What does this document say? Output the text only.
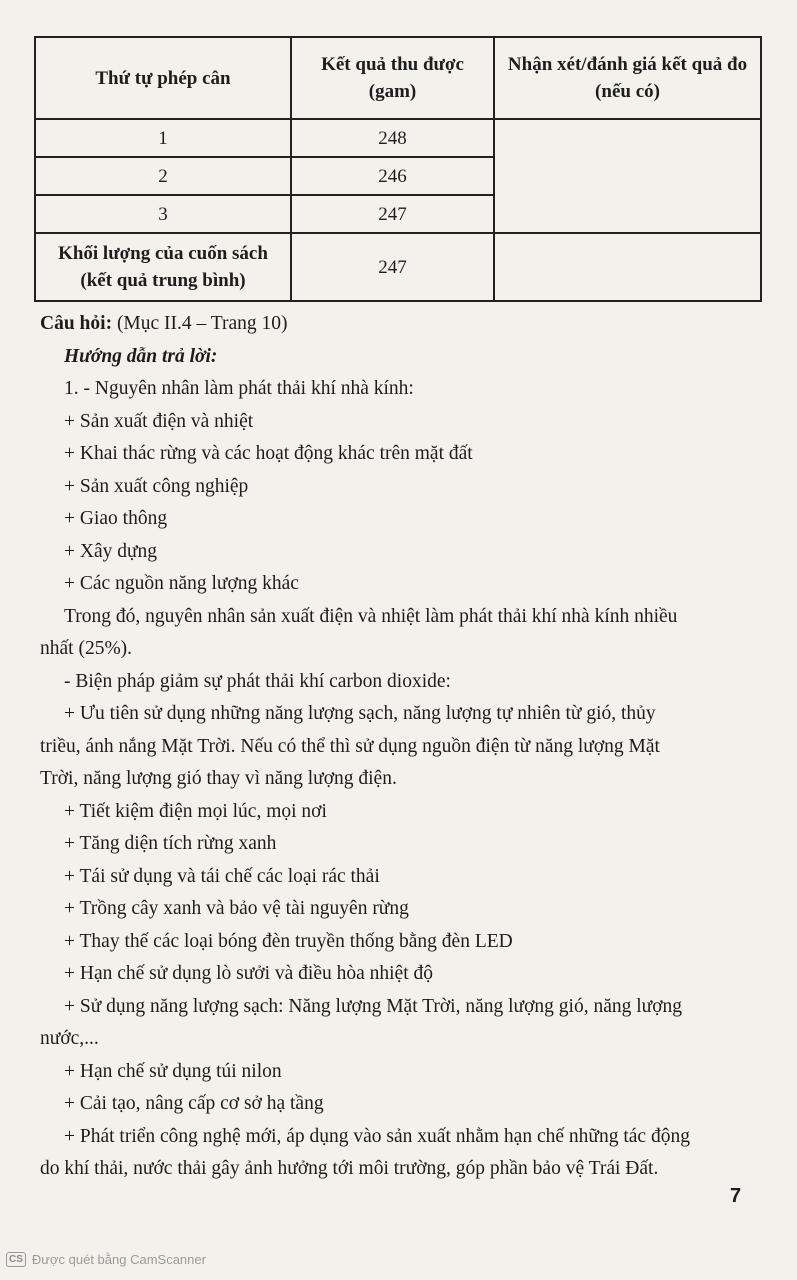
Thứ tự phép cân	Kết quả thu được (gam)	Nhận xét/đánh giá kết quả đo (nếu có)
1	248	
2	246	
3	247	
Khối lượng của cuốn sách (kết quả trung bình)	247	
Câu hỏi: (Mục II.4 – Trang 10)
Hướng dẫn trả lời:
1. - Nguyên nhân làm phát thải khí nhà kính:
+ Sản xuất điện và nhiệt
+ Khai thác rừng và các hoạt động khác trên mặt đất
+ Sản xuất công nghiệp
+ Giao thông
+ Xây dựng
+ Các nguồn năng lượng khác
Trong đó, nguyên nhân sản xuất điện và nhiệt làm phát thải khí nhà kính nhiều
nhất (25%).
- Biện pháp giảm sự phát thải khí carbon dioxide:
+ Ưu tiên sử dụng những năng lượng sạch, năng lượng tự nhiên từ gió, thủy
triều, ánh nắng Mặt Trời. Nếu có thể thì sử dụng nguồn điện từ năng lượng Mặt
Trời, năng lượng gió thay vì năng lượng điện.
+ Tiết kiệm điện mọi lúc, mọi nơi
+ Tăng diện tích rừng xanh
+ Tái sử dụng và tái chế các loại rác thải
+ Trồng cây xanh và bảo vệ tài nguyên rừng
+ Thay thế các loại bóng đèn truyền thống bằng đèn LED
+ Hạn chế sử dụng lò sưởi và điều hòa nhiệt độ
+ Sử dụng năng lượng sạch: Năng lượng Mặt Trời, năng lượng gió, năng lượng
nước,...
+ Hạn chế sử dụng túi nilon
+ Cải tạo, nâng cấp cơ sở hạ tầng
+ Phát triển công nghệ mới, áp dụng vào sản xuất nhằm hạn chế những tác động
do khí thải, nước thải gây ảnh hưởng tới môi trường, góp phần bảo vệ Trái Đất.
7
CS Được quét bằng CamScanner
